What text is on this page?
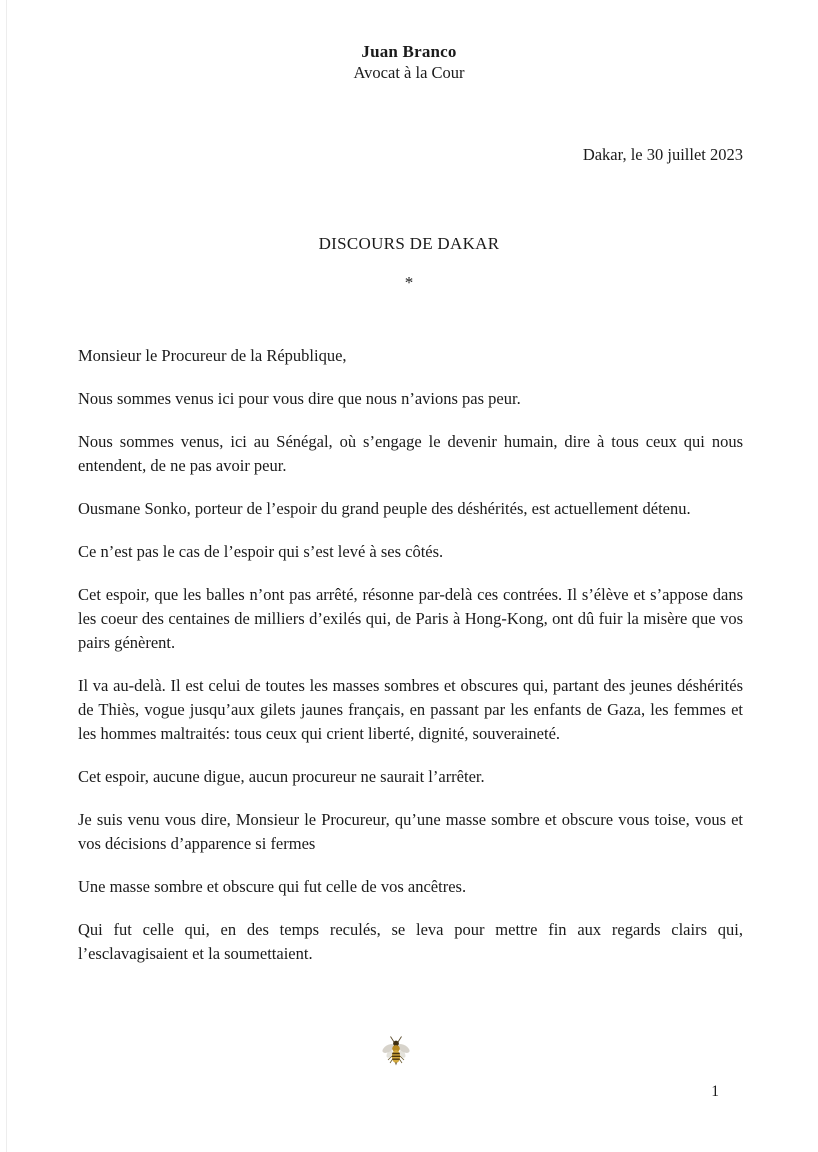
Juan Branco
Avocat à la Cour
Dakar, le 30 juillet 2023
DISCOURS DE DAKAR
*

Monsieur le Procureur de la République,

Nous sommes venus ici pour vous dire que nous n’avions pas peur.

Nous sommes venus, ici au Sénégal, où s’engage le devenir humain, dire à tous ceux qui nous entendent, de ne pas avoir peur.

Ousmane Sonko, porteur de l’espoir du grand peuple des déshérités, est actuellement détenu.

Ce n’est pas le cas de l’espoir qui s’est levé à ses côtés.

Cet espoir, que les balles n’ont pas arrêté, résonne par-delà ces contrées. Il s’élève et s’appose dans les coeur des centaines de milliers d’exilés qui, de Paris à Hong-Kong, ont dû fuir la misère que vos pairs génèrent.

Il va au-delà. Il est celui de toutes les masses sombres et obscures qui, partant des jeunes déshérités de Thiès, vogue jusqu’aux gilets jaunes français, en passant par les enfants de Gaza, les femmes et les hommes maltraités: tous ceux qui crient liberté, dignité, souveraineté.

Cet espoir, aucune digue, aucun procureur ne saurait l’arrêter.

Je suis venu vous dire, Monsieur le Procureur, qu’une masse sombre et obscure vous toise, vous et vos décisions d’apparence si fermes

Une masse sombre et obscure qui fut celle de vos ancêtres.

Qui fut celle qui, en des temps reculés, se leva pour mettre fin aux regards clairs qui, l’esclavagisaient et la soumettaient.

1
